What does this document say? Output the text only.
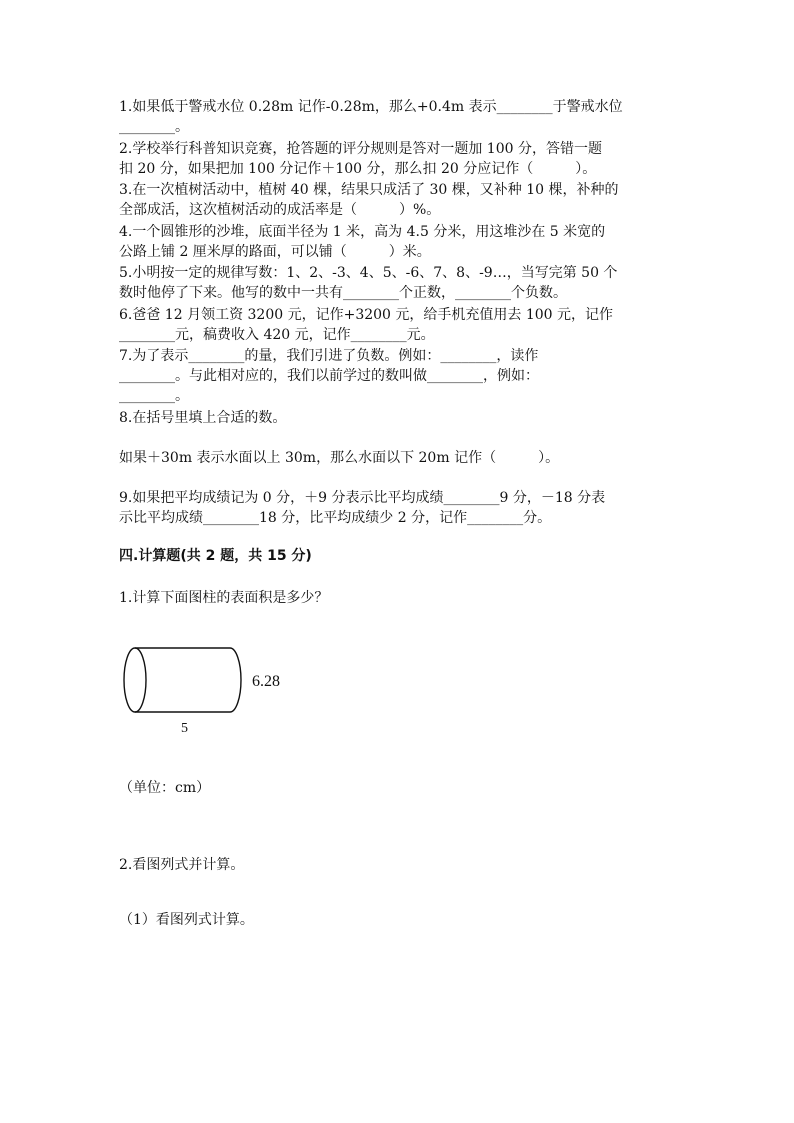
1.如果低于警戒水位 0.28m 记作-0.28m，那么+0.4m 表示________于警戒水位
________。
2.学校举行科普知识竞赛，抢答题的评分规则是答对一题加 100 分，答错一题
扣 20 分，如果把加 100 分记作＋100 分，那么扣 20 分应记作（　　　）。
3.在一次植树活动中，植树 40 棵，结果只成活了 30 棵，又补种 10 棵，补种的
全部成活，这次植树活动的成活率是（　　　）%。
4.一个圆锥形的沙堆，底面半径为 1 米，高为 4.5 分米，用这堆沙在 5 米宽的
公路上铺 2 厘米厚的路面，可以铺（　　　）米。
5.小明按一定的规律写数：1、2、-3、4、5、-6、7、8、-9…，当写完第 50 个
数时他停了下来。他写的数中一共有________个正数，________个负数。
6.爸爸 12 月领工资 3200 元，记作+3200 元，给手机充值用去 100 元，记作
________元，稿费收入 420 元，记作________元。
7.为了表示________的量，我们引进了负数。例如：________，读作
________。与此相对应的，我们以前学过的数叫做________，例如：
________。
8.在括号里填上合适的数。
如果＋30m 表示水面以上 30m，那么水面以下 20m 记作（　　　）。
9.如果把平均成绩记为 0 分，＋9 分表示比平均成绩________9 分，－18 分表
示比平均成绩________18 分，比平均成绩少 2 分，记作________分。
四.计算题(共 2 题，共 15 分)
1.计算下面图柱的表面积是多少？
6.28
5
（单位：cm）
2.看图列式并计算。
（1）看图列式计算。
